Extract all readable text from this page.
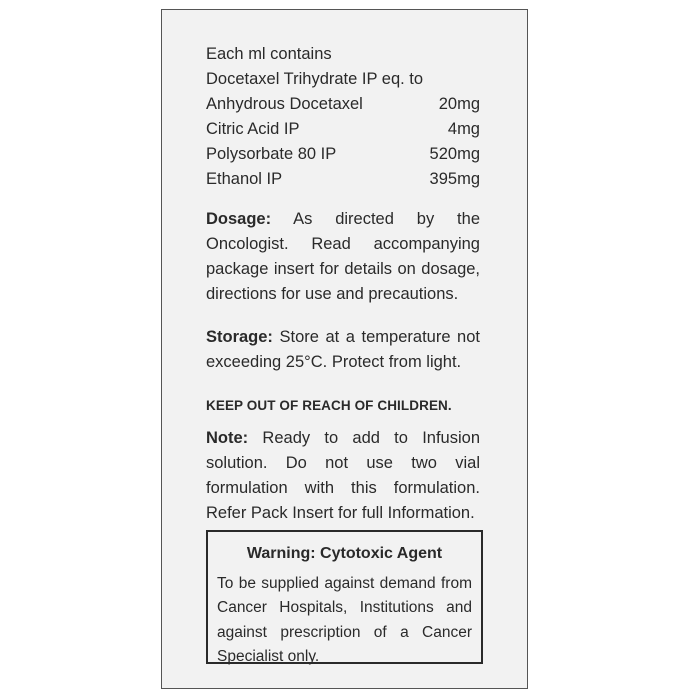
Each ml contains
Docetaxel Trihydrate IP eq. to
Anhydrous Docetaxel	20mg
Citric Acid IP	4mg
Polysorbate 80 IP	520mg
Ethanol IP	395mg
Dosage: As directed by the Oncologist. Read accompanying package insert for details on dosage, directions for use and precautions.
Storage: Store at a temperature not exceeding 25°C. Protect from light.
KEEP OUT OF REACH OF CHILDREN.
Note: Ready to add to Infusion solution. Do not use two vial formulation with this formulation. Refer Pack Insert for full Information.
Warning: Cytotoxic Agent
To be supplied against demand from Cancer Hospitals, Institutions and against prescription of a Cancer Specialist only.
